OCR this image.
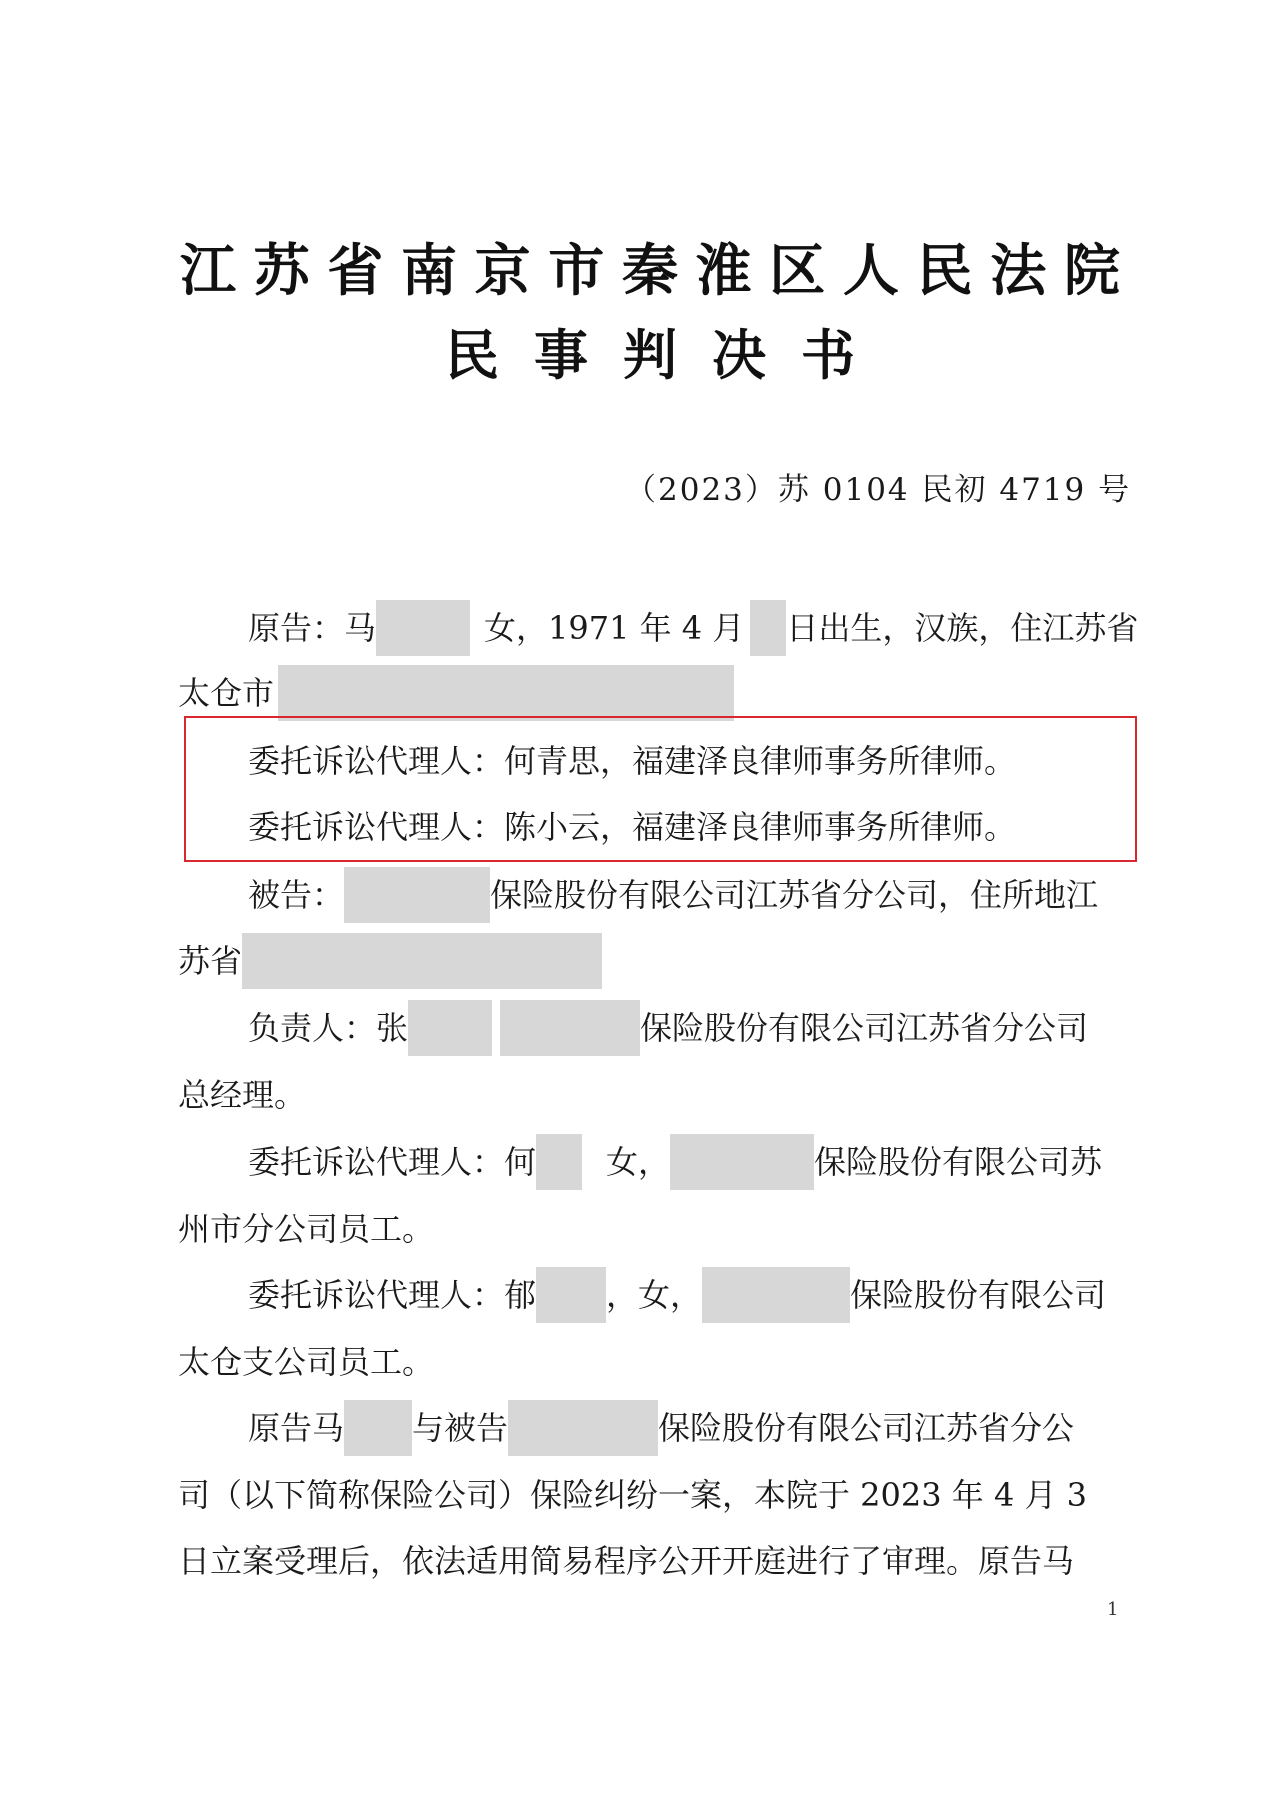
江 苏 省 南 京 市 秦 淮 区 人 民 法 院
民 事 判 决 书
（2023）苏 0104 民初 4719 号
原告：马	女，1971 年 4 月 日出生，汉族，住江苏省
太仓市
委托诉讼代理人：何青思，福建泽良律师事务所律师。
委托诉讼代理人：陈小云，福建泽良律师事务所律师。
被告：	保险股份有限公司江苏省分公司，住所地江
苏省
负责人：张	保险股份有限公司江苏省分公司
总经理。
委托诉讼代理人：何 女，	保险股份有限公司苏
州市分公司员工。
委托诉讼代理人：郁 ，女，	保险股份有限公司
太仓支公司员工。
原告马 与被告	保险股份有限公司江苏省分公
司（以下简称保险公司）保险纠纷一案，本院于 2023 年 4 月 3
日立案受理后，依法适用简易程序公开开庭进行了审理。原告马
1
